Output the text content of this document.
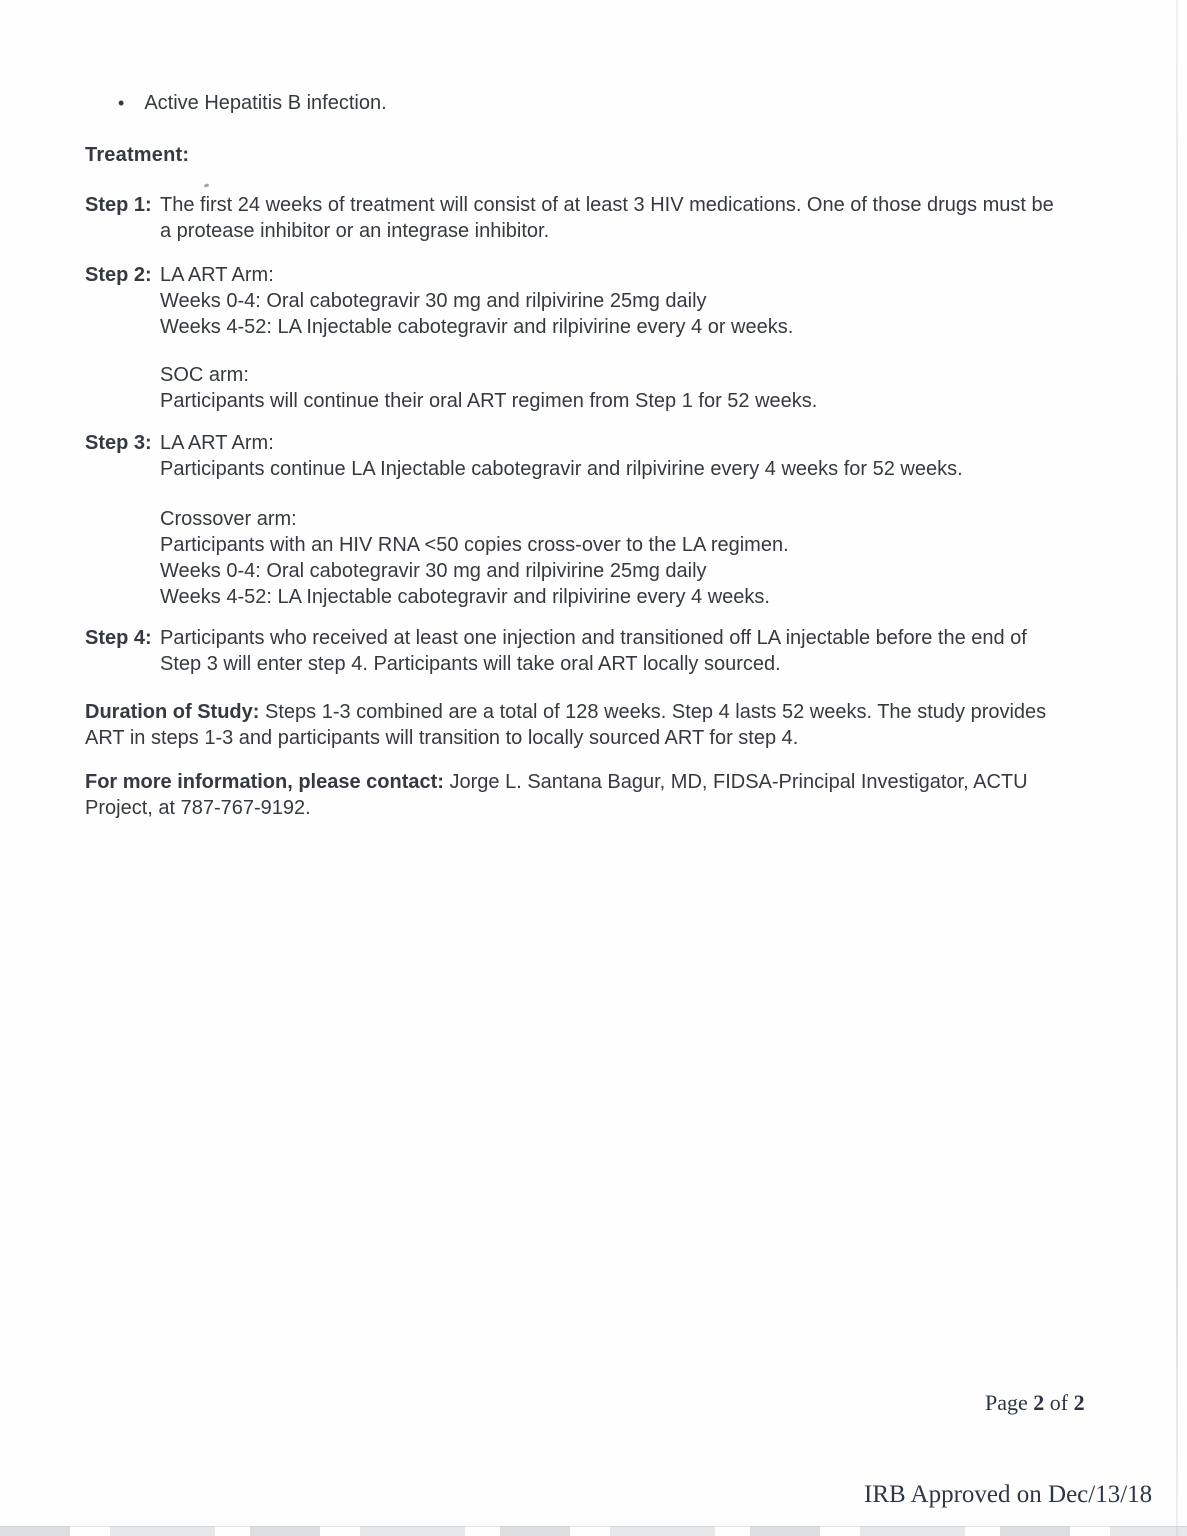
• Active Hepatitis B infection.
Treatment:
Step 1: The first 24 weeks of treatment will consist of at least 3 HIV medications. One of those drugs must be
a protease inhibitor or an integrase inhibitor.
Step 2: LA ART Arm:
Weeks 0-4: Oral cabotegravir 30 mg and rilpivirine 25mg daily
Weeks 4-52: LA Injectable cabotegravir and rilpivirine every 4 or weeks.
SOC arm:
Participants will continue their oral ART regimen from Step 1 for 52 weeks.
Step 3: LA ART Arm:
Participants continue LA Injectable cabotegravir and rilpivirine every 4 weeks for 52 weeks.
Crossover arm:
Participants with an HIV RNA <50 copies cross-over to the LA regimen.
Weeks 0-4: Oral cabotegravir 30 mg and rilpivirine 25mg daily
Weeks 4-52: LA Injectable cabotegravir and rilpivirine every 4 weeks.
Step 4: Participants who received at least one injection and transitioned off LA injectable before the end of
Step 3 will enter step 4. Participants will take oral ART locally sourced.
Duration of Study: Steps 1-3 combined are a total of 128 weeks. Step 4 lasts 52 weeks. The study provides
ART in steps 1-3 and participants will transition to locally sourced ART for step 4.
For more information, please contact: Jorge L. Santana Bagur, MD, FIDSA-Principal Investigator, ACTU
Project, at 787-767-9192.
Page 2 of 2
IRB Approved on Dec/13/18
